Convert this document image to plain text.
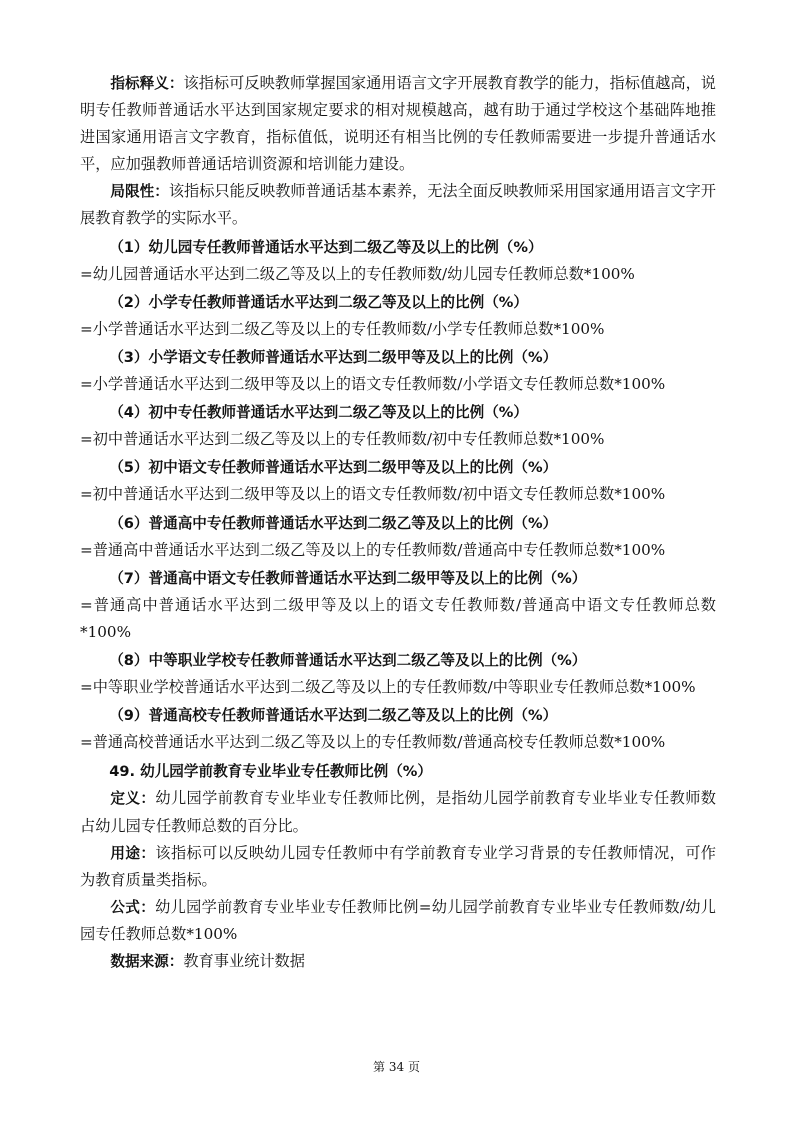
指标释义：该指标可反映教师掌握国家通用语言文字开展教育教学的能力，指标值越高，说明专任教师普通话水平达到国家规定要求的相对规模越高，越有助于通过学校这个基础阵地推进国家通用语言文字教育，指标值低，说明还有相当比例的专任教师需要进一步提升普通话水平，应加强教师普通话培训资源和培训能力建设。

局限性：该指标只能反映教师普通话基本素养，无法全面反映教师采用国家通用语言文字开展教育教学的实际水平。

（1）幼儿园专任教师普通话水平达到二级乙等及以上的比例（%）

=幼儿园普通话水平达到二级乙等及以上的专任教师数/幼儿园专任教师总数*100%

（2）小学专任教师普通话水平达到二级乙等及以上的比例（%）

=小学普通话水平达到二级乙等及以上的专任教师数/小学专任教师总数*100%

（3）小学语文专任教师普通话水平达到二级甲等及以上的比例（%）

=小学普通话水平达到二级甲等及以上的语文专任教师数/小学语文专任教师总数*100%

（4）初中专任教师普通话水平达到二级乙等及以上的比例（%）

=初中普通话水平达到二级乙等及以上的专任教师数/初中专任教师总数*100%

（5）初中语文专任教师普通话水平达到二级甲等及以上的比例（%）

=初中普通话水平达到二级甲等及以上的语文专任教师数/初中语文专任教师总数*100%

（6）普通高中专任教师普通话水平达到二级乙等及以上的比例（%）

=普通高中普通话水平达到二级乙等及以上的专任教师数/普通高中专任教师总数*100%

（7）普通高中语文专任教师普通话水平达到二级甲等及以上的比例（%）

=普通高中普通话水平达到二级甲等及以上的语文专任教师数/普通高中语文专任教师总数*100%

（8）中等职业学校专任教师普通话水平达到二级乙等及以上的比例（%）

=中等职业学校普通话水平达到二级乙等及以上的专任教师数/中等职业专任教师总数*100%

（9）普通高校专任教师普通话水平达到二级乙等及以上的比例（%）

=普通高校普通话水平达到二级乙等及以上的专任教师数/普通高校专任教师总数*100%

49. 幼儿园学前教育专业毕业专任教师比例（%）

定义：幼儿园学前教育专业毕业专任教师比例，是指幼儿园学前教育专业毕业专任教师数占幼儿园专任教师总数的百分比。

用途：该指标可以反映幼儿园专任教师中有学前教育专业学习背景的专任教师情况，可作为教育质量类指标。

公式：幼儿园学前教育专业毕业专任教师比例=幼儿园学前教育专业毕业专任教师数/幼儿园专任教师总数*100%

数据来源：教育事业统计数据

第 34 页
